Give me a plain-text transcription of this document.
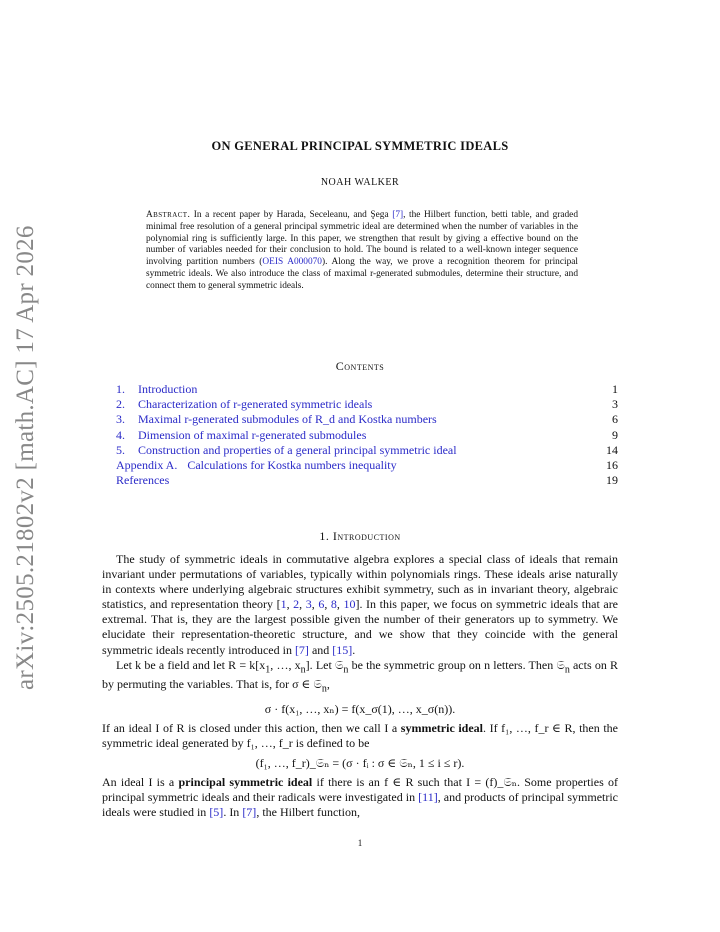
arXiv:2505.21802v2 [math.AC] 17 Apr 2026
ON GENERAL PRINCIPAL SYMMETRIC IDEALS
NOAH WALKER
Abstract. In a recent paper by Harada, Seceleanu, and Şega [7], the Hilbert function, betti table, and graded minimal free resolution of a general principal symmetric ideal are determined when the number of variables in the polynomial ring is sufficiently large. In this paper, we strengthen that result by giving a effective bound on the number of variables needed for their conclusion to hold. The bound is related to a well-known integer sequence involving partition numbers (OEIS A000070). Along the way, we prove a recognition theorem for principal symmetric ideals. We also introduce the class of maximal r-generated submodules, determine their structure, and connect them to general symmetric ideals.
Contents
1. Introduction	1
2. Characterization of r-generated symmetric ideals	3
3. Maximal r-generated submodules of R_d and Kostka numbers	6
4. Dimension of maximal r-generated submodules	9
5. Construction and properties of a general principal symmetric ideal	14
Appendix A. Calculations for Kostka numbers inequality	16
References	19
1. Introduction

The study of symmetric ideals in commutative algebra explores a special class of ideals that remain invariant under permutations of variables, typically within polynomials rings. These ideals arise naturally in contexts where underlying algebraic structures exhibit symmetry, such as in invariant theory, algebraic statistics, and representation theory [1, 2, 3, 6, 8, 10]. In this paper, we focus on symmetric ideals that are extremal. That is, they are the largest possible given the number of their generators up to symmetry. We elucidate their representation-theoretic structure, and we show that they coincide with the general symmetric ideals recently introduced in [7] and [15].

Let k be a field and let $R = k[x_1$, …, $x_n$]. Let 𝔖$_n$ be the symmetric group on n letters. Then 𝔖$_n$ acts on R by permuting the variables. That is, for σ ∈ 𝔖$_n$,

σ · f(x₁, …, xₙ) = f(x_σ(1), …, x_σ(n)).

If an ideal I of R is closed under this action, then we call I a symmetric ideal. If f₁, …, f_r ∈ R, then the symmetric ideal generated by f₁, …, f_r is defined to be

(f₁, …, f_r)_𝔖ₙ = (σ · fᵢ : σ ∈ 𝔖ₙ, 1 ≤ i ≤ r).

An ideal I is a principal symmetric ideal if there is an f ∈ R such that I = (f)_𝔖ₙ. Some properties of principal symmetric ideals and their radicals were investigated in [11], and products of principal symmetric ideals were studied in [5]. In [7], the Hilbert function,

1
